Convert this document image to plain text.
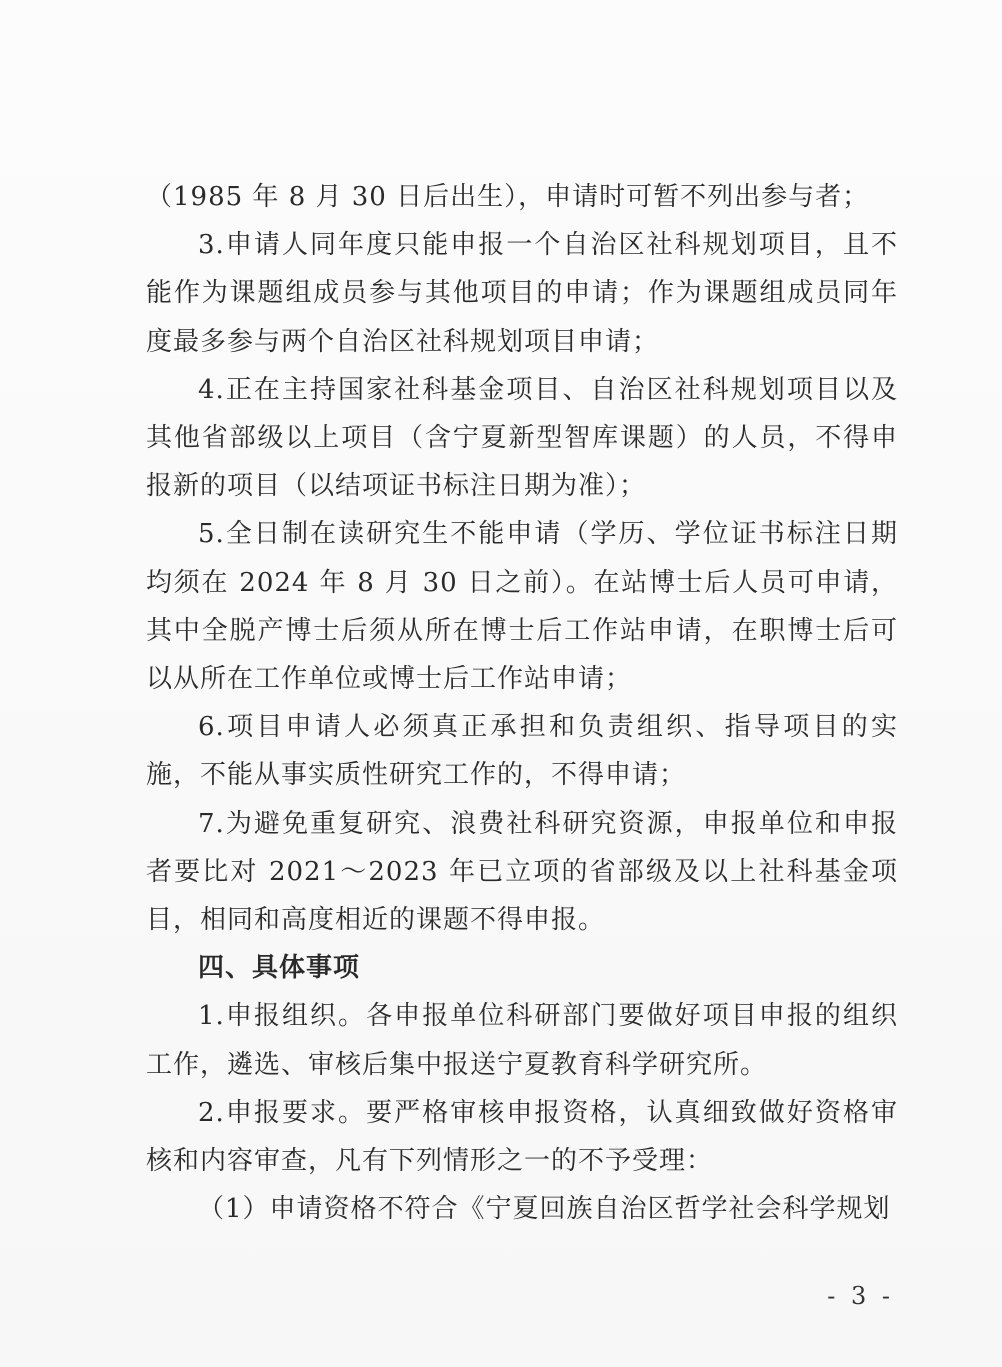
（1985 年 8 月 30 日后出生），申请时可暂不列出参与者；

3.申请人同年度只能申报一个自治区社科规划项目，且不能作为课题组成员参与其他项目的申请；作为课题组成员同年度最多参与两个自治区社科规划项目申请；

4.正在主持国家社科基金项目、自治区社科规划项目以及其他省部级以上项目（含宁夏新型智库课题）的人员，不得申报新的项目（以结项证书标注日期为准）；

5.全日制在读研究生不能申请（学历、学位证书标注日期均须在 2024 年 8 月 30 日之前）。在站博士后人员可申请，其中全脱产博士后须从所在博士后工作站申请，在职博士后可以从所在工作单位或博士后工作站申请；

6.项目申请人必须真正承担和负责组织、指导项目的实施，不能从事实质性研究工作的，不得申请；

7.为避免重复研究、浪费社科研究资源，申报单位和申报者要比对 2021～2023 年已立项的省部级及以上社科基金项目，相同和高度相近的课题不得申报。

四、具体事项

1.申报组织。各申报单位科研部门要做好项目申报的组织工作，遴选、审核后集中报送宁夏教育科学研究所。

2.申报要求。要严格审核申报资格，认真细致做好资格审核和内容审查，凡有下列情形之一的不予受理：

（1）申请资格不符合《宁夏回族自治区哲学社会科学规划

- 3 -
